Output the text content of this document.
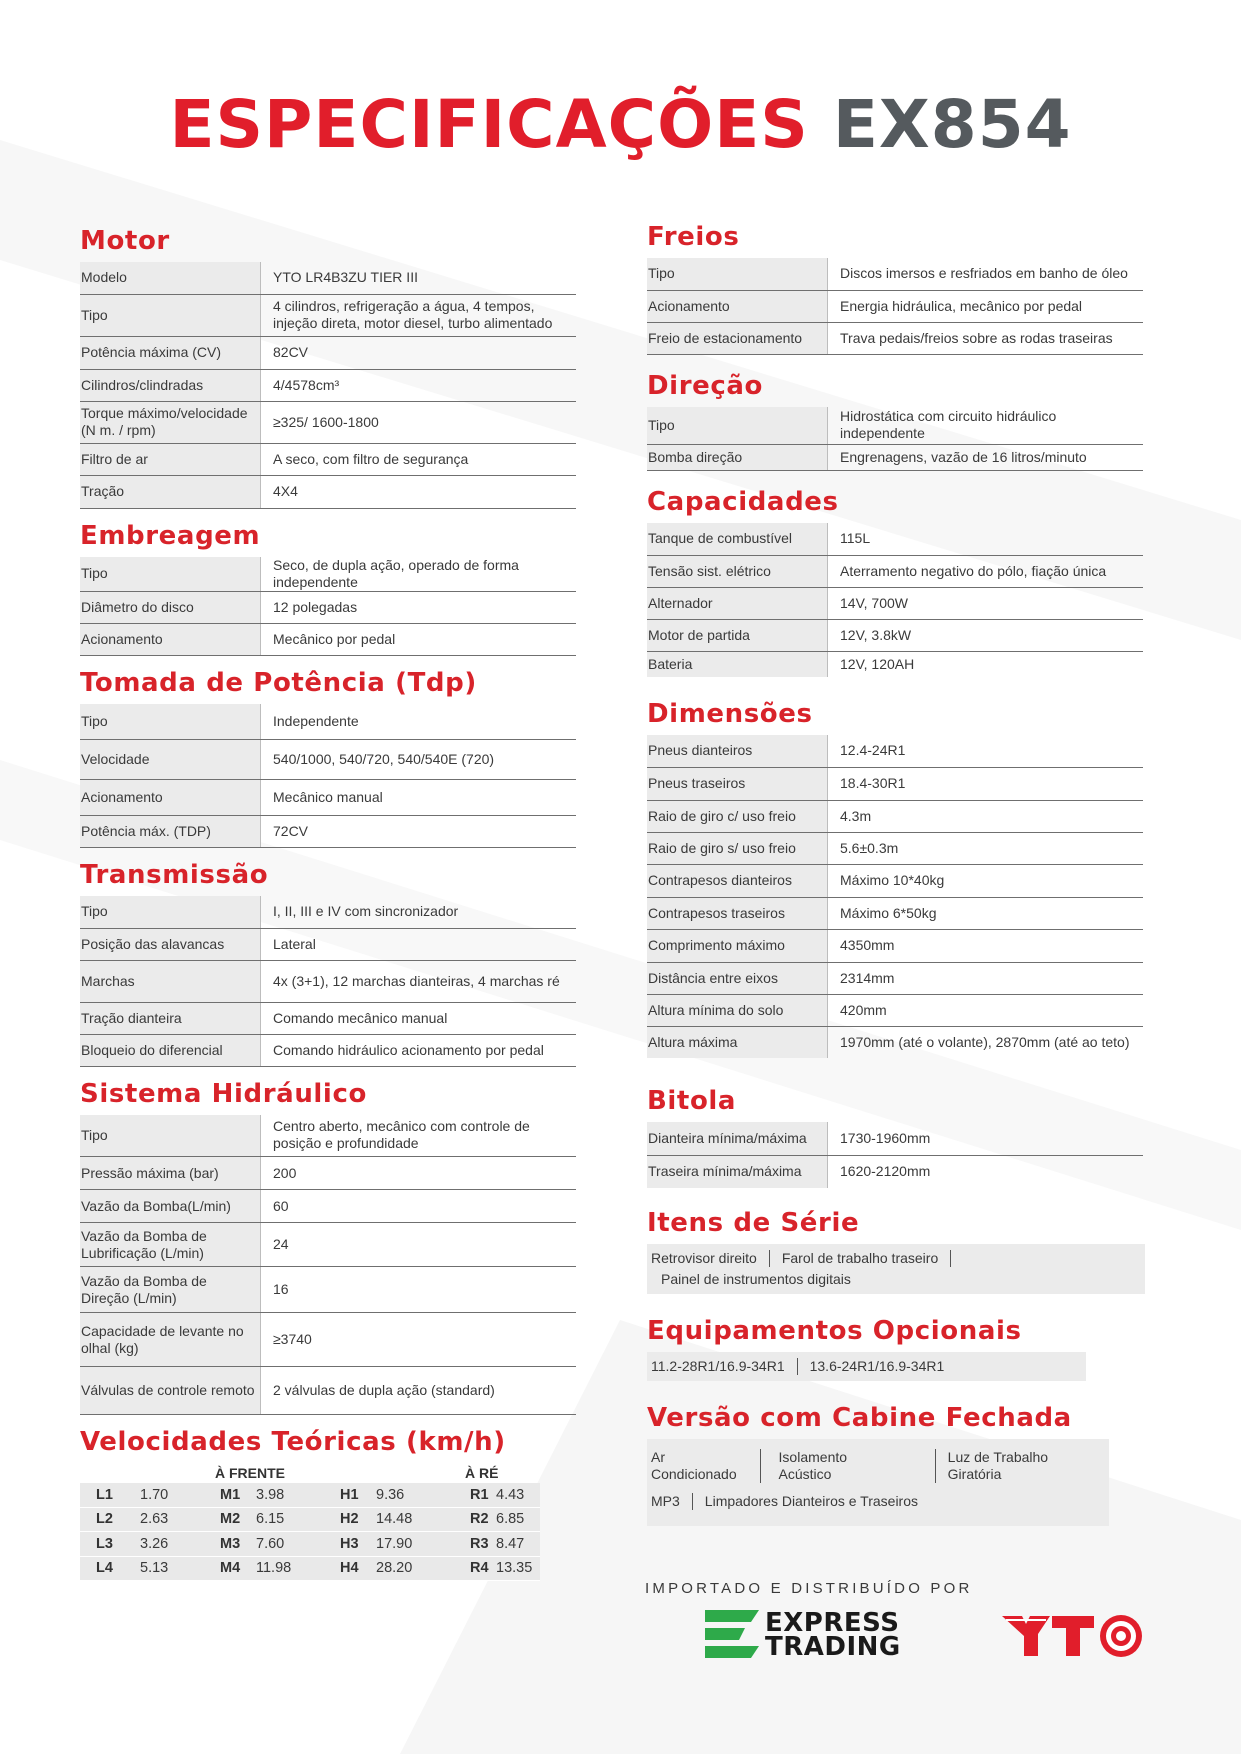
ESPECIFICAÇÕES EX854
Motor
Modelo	YTO LR4B3ZU TIER III
Tipo	4 cilindros, refrigeração a água, 4 tempos, injeção direta, motor diesel, turbo alimentado
Potência máxima (CV)	82CV
Cilindros/clindradas	4/4578cm³
Torque máximo/velocidade (N m. / rpm)	≥325/ 1600-1800
Filtro de ar	A seco, com filtro de segurança
Tração	4X4
Embreagem
Tipo	Seco, de dupla ação, operado de forma independente
Diâmetro do disco	12 polegadas
Acionamento	Mecânico por pedal
Tomada de Potência (Tdp)
Tipo	Independente
Velocidade	540/1000, 540/720, 540/540E (720)
Acionamento	Mecânico manual
Potência máx. (TDP)	72CV
Transmissão
Tipo	I, II, III e IV com sincronizador
Posição das alavancas	Lateral
Marchas	4x (3+1), 12 marchas dianteiras, 4 marchas ré
Tração dianteira	Comando mecânico manual
Bloqueio do diferencial	Comando hidráulico acionamento por pedal
Sistema Hidráulico
Tipo	Centro aberto, mecânico com controle de posição e profundidade
Pressão máxima (bar)	200
Vazão da Bomba(L/min)	60
Vazão da Bomba de Lubrificação (L/min)	24
Vazão da Bomba de Direção (L/min)	16
Capacidade de levante no olhal (kg)	≥3740
Válvulas de controle remoto	2 válvulas de dupla ação (standard)
Velocidades Teóricas (km/h)
À FRENTE	À RÉ
L1	1.70	M1	3.98	H1	9.36	R1	4.43
L2	2.63	M2	6.15	H2	14.48	R2	6.85
L3	3.26	M3	7.60	H3	17.90	R3	8.47
L4	5.13	M4	11.98	H4	28.20	R4	13.35
Freios
Tipo	Discos imersos e resfriados em banho de óleo
Acionamento	Energia hidráulica, mecânico por pedal
Freio de estacionamento	Trava pedais/freios sobre as rodas traseiras
Direção
Tipo	Hidrostática com circuito hidráulico independente
Bomba direção	Engrenagens, vazão de 16 litros/minuto
Capacidades
Tanque de combustível	115L
Tensão sist. elétrico	Aterramento negativo do pólo, fiação única
Alternador	14V, 700W
Motor de partida	12V, 3.8kW
Bateria	12V, 120AH
Dimensões
Pneus dianteiros	12.4-24R1
Pneus traseiros	18.4-30R1
Raio de giro c/ uso freio	4.3m
Raio de giro s/ uso freio	5.6±0.3m
Contrapesos dianteiros	Máximo 10*40kg
Contrapesos traseiros	Máximo 6*50kg
Comprimento máximo	4350mm
Distância entre eixos	2314mm
Altura mínima do solo	420mm
Altura máxima	1970mm (até o volante), 2870mm (até ao teto)
Bitola
Dianteira mínima/máxima	1730-1960mm
Traseira mínima/máxima	1620-2120mm
Itens de Série
Retrovisor direito	Farol de trabalho traseiro
Painel de instrumentos digitais
Equipamentos Opcionais
11.2-28R1/16.9-34R1	13.6-24R1/16.9-34R1
Versão com Cabine Fechada
Ar Condicionado
Isolamento Acústico
Luz de Trabalho Giratória
MP3	Limpadores Dianteiros e Traseiros
IMPORTADO E DISTRIBUÍDO POR
EXPRESS
TRADING
